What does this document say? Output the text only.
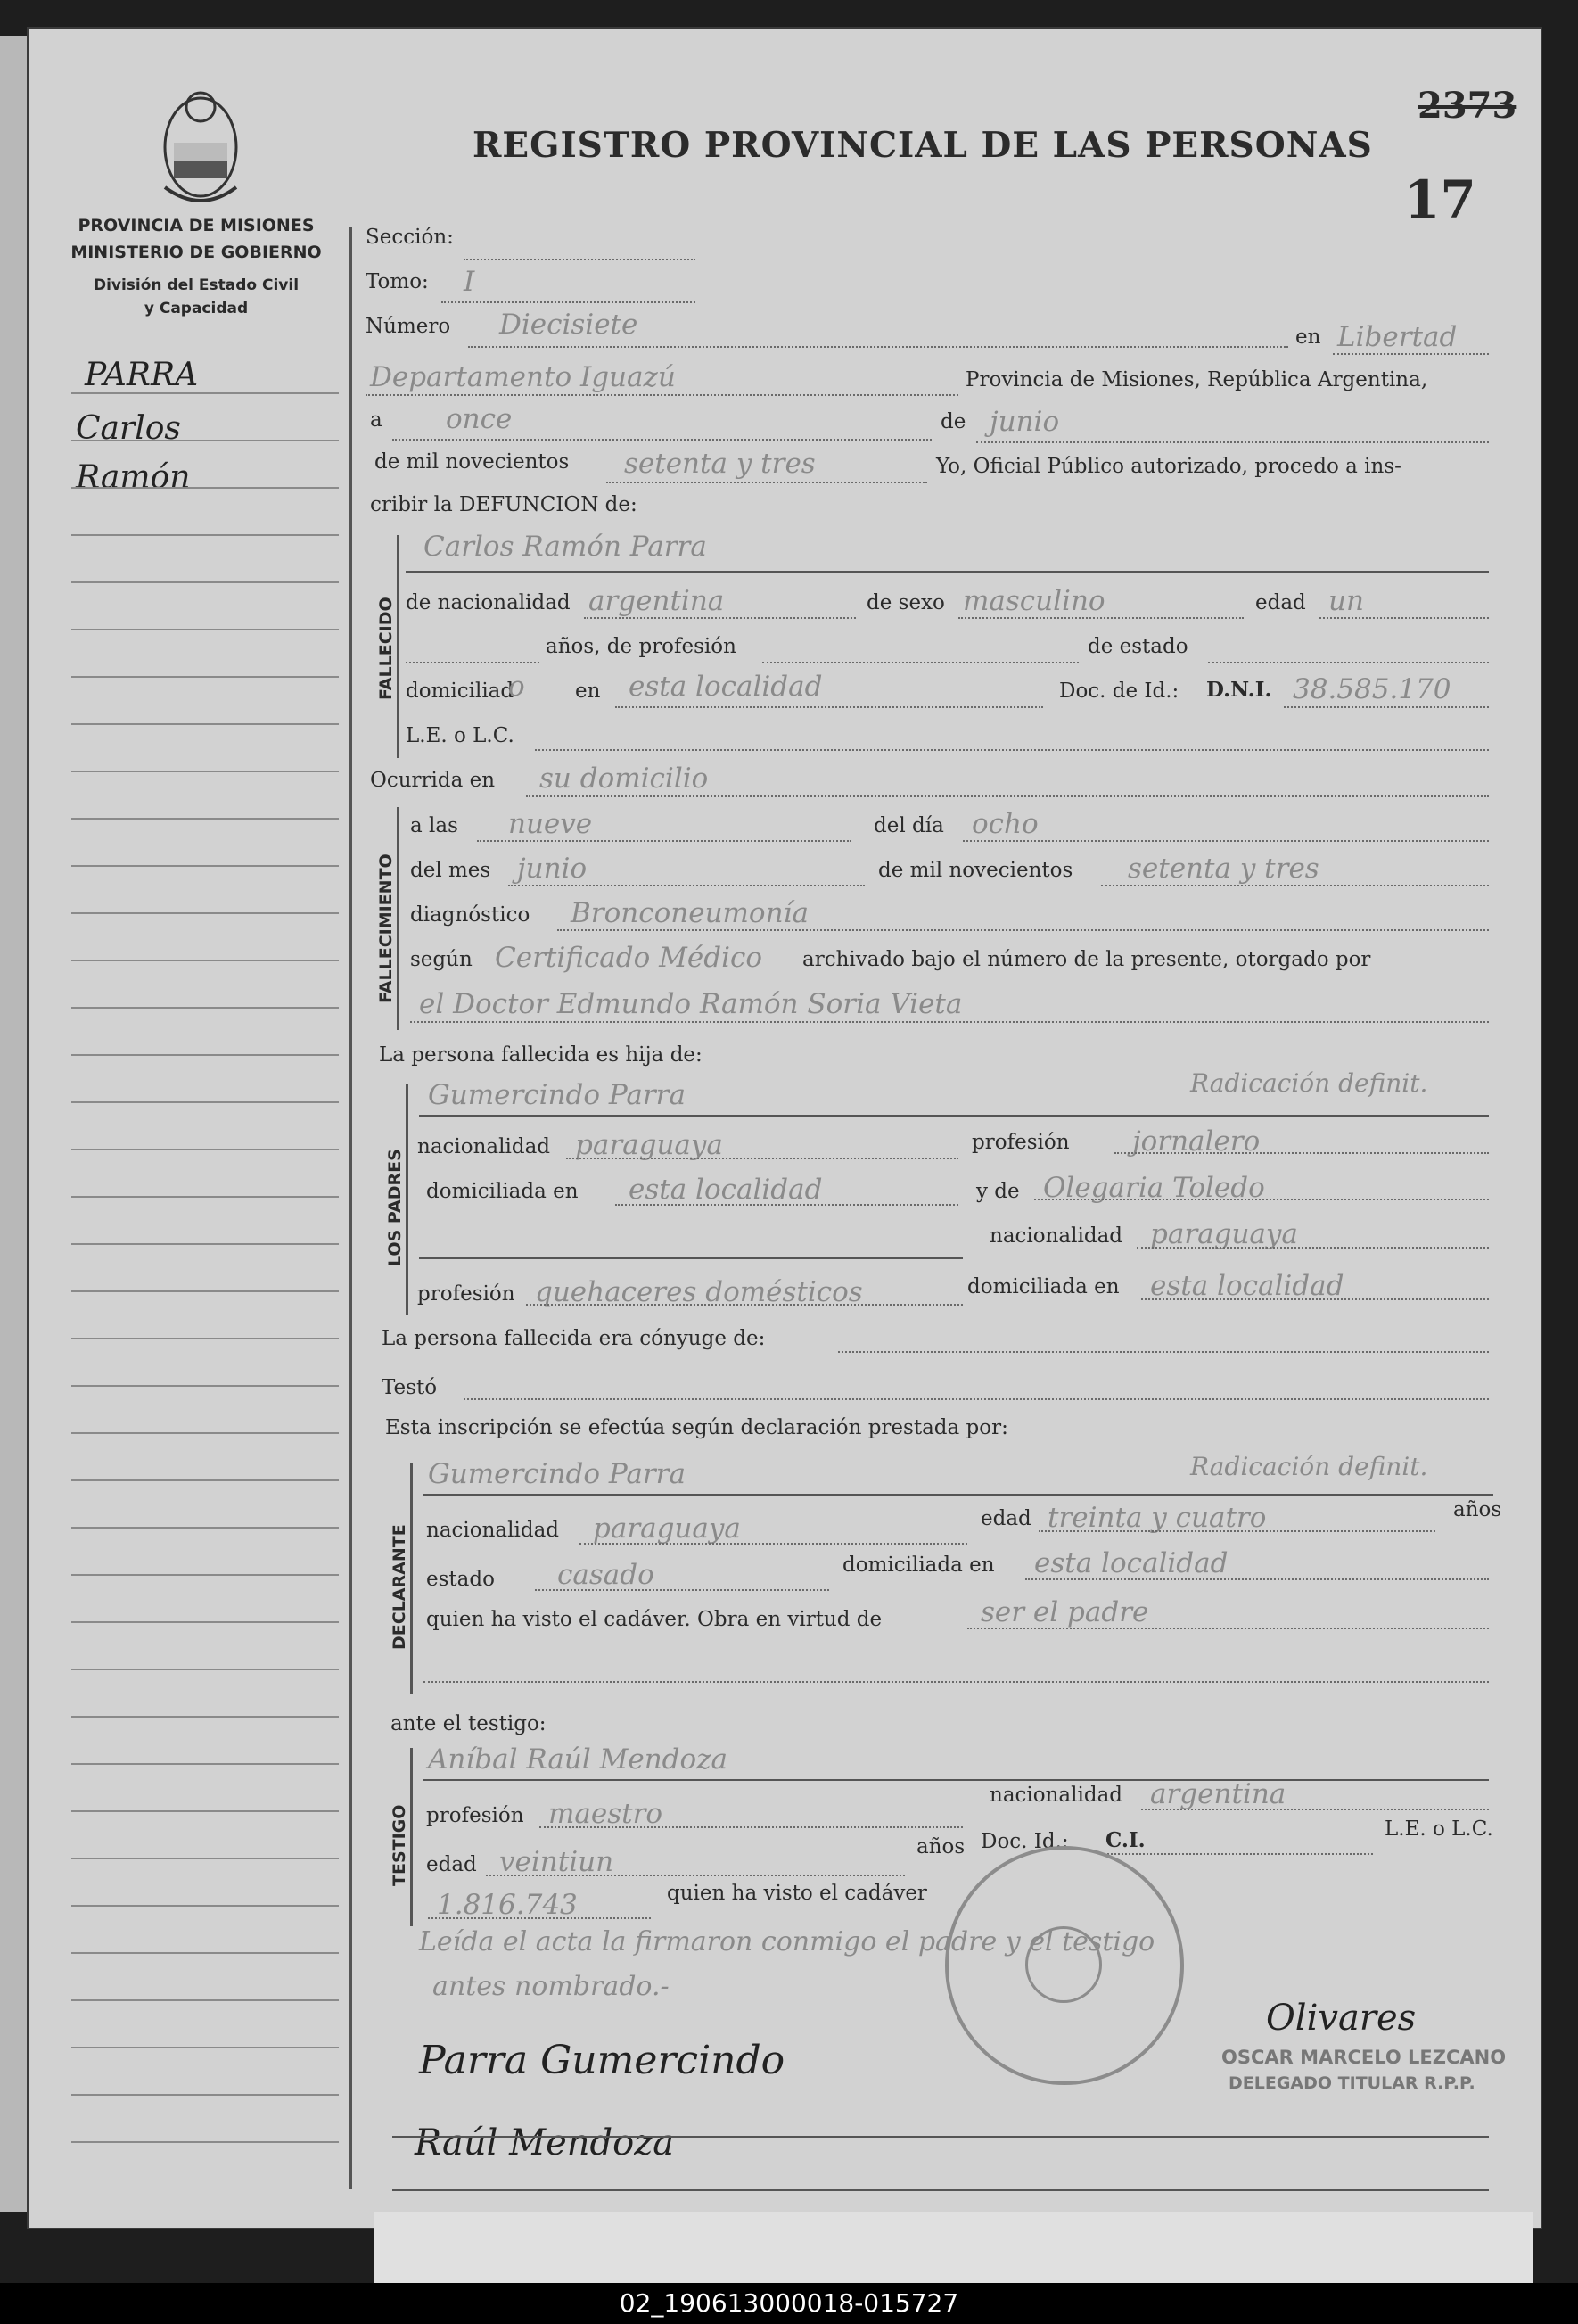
PROVINCIA DE MISIONES
MINISTERIO DE GOBIERNO
División del Estado Civil
y Capacidad
REGISTRO PROVINCIAL DE LAS PERSONAS
2373
17
PARRA
Carlos
Ramón
Sección:
Tomo: I
Número Diecisiete	en Libertad
Departamento Iguazú	Provincia de Misiones, República Argentina,
a once	de junio
de mil novecientos setenta y tres	Yo, Oficial Público autorizado, procedo a ins-
cribir la DEFUNCION de:
FALLECIDO
Carlos Ramón Parra
de nacionalidad argentina	de sexo masculino	edad un
años, de profesión	de estado
domiciliad
o en esta localidad	Doc. de Id.: D.N.I. 38.585.170
L.E. o L.C.
Ocurrida en su domicilio
FALLECIMIENTO
a las nueve	del día ocho
del mes junio	de mil novecientos setenta y tres
diagnóstico Bronconeumonía
según Certificado Médico archivado bajo el número de la presente, otorgado por
el Doctor Edmundo Ramón Soria Vieta
La persona fallecida es hija de:
LOS PADRES
Gumercindo Parra	Radicación definit.
nacionalidad paraguaya	profesión jornalero
domiciliada en esta localidad	y de Olegaria Toledo
nacionalidad paraguaya
profesión quehaceres domésticos	domiciliada en esta localidad
La persona fallecida era cónyuge de:
Testó
Esta inscripción se efectúa según declaración prestada por:
DECLARANTE
Gumercindo Parra	Radicación definit.
nacionalidad paraguaya	edad treinta y cuatro	años
estado casado	domiciliada en esta localidad
quien ha visto el cadáver. Obra en virtud de	ser el padre
ante el testigo:
TESTIGO
Aníbal Raúl Mendoza
profesión maestro
nacionalidad argentina
edad veintiun	años Doc. Id.: C.I.	L.E. o L.C.
1.816.743	quien ha visto el cadáver
Leída el acta la firmaron conmigo el padre y el testigo
antes nombrado.-
Parra Gumercindo
Raúl Mendoza
Olivares
OSCAR MARCELO LEZCANO
DELEGADO TITULAR R.P.P.
02_190613000018-015727
